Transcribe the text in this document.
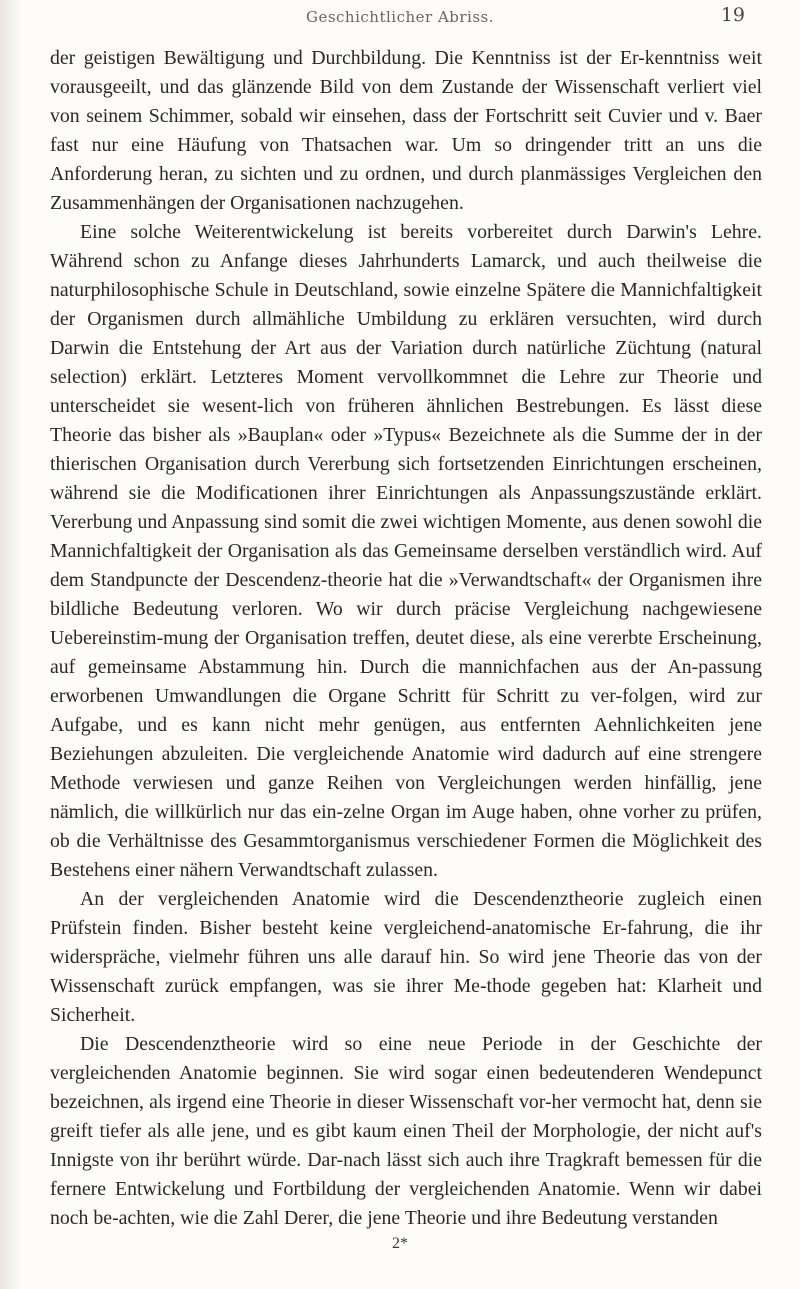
Geschichtlicher Abriss.	19

der geistigen Bewältigung und Durchbildung. Die Kenntniss ist der Er-kenntniss weit vorausgeeilt, und das glänzende Bild von dem Zustande der Wissenschaft verliert viel von seinem Schimmer, sobald wir einsehen, dass der Fortschritt seit Cuvier und v. Baer fast nur eine Häufung von Thatsachen war. Um so dringender tritt an uns die Anforderung heran, zu sichten und zu ordnen, und durch planmässiges Vergleichen den Zusammenhängen der Organisationen nachzugehen.

Eine solche Weiterentwickelung ist bereits vorbereitet durch Darwin's Lehre. Während schon zu Anfange dieses Jahrhunderts Lamarck, und auch theilweise die naturphilosophische Schule in Deutschland, sowie einzelne Spätere die Mannichfaltigkeit der Organismen durch allmähliche Umbildung zu erklären versuchten, wird durch Darwin die Entstehung der Art aus der Variation durch natürliche Züchtung (natural selection) erklärt. Letzteres Moment vervollkommnet die Lehre zur Theorie und unterscheidet sie wesent-lich von früheren ähnlichen Bestrebungen. Es lässt diese Theorie das bisher als »Bauplan« oder »Typus« Bezeichnete als die Summe der in der thierischen Organisation durch Vererbung sich fortsetzenden Einrichtungen erscheinen, während sie die Modificationen ihrer Einrichtungen als Anpassungszustände erklärt. Vererbung und Anpassung sind somit die zwei wichtigen Momente, aus denen sowohl die Mannichfaltigkeit der Organisation als das Gemeinsame derselben verständlich wird. Auf dem Standpuncte der Descendenz-theorie hat die »Verwandtschaft« der Organismen ihre bildliche Bedeutung verloren. Wo wir durch präcise Vergleichung nachgewiesene Uebereinstim-mung der Organisation treffen, deutet diese, als eine vererbte Erscheinung, auf gemeinsame Abstammung hin. Durch die mannichfachen aus der An-passung erworbenen Umwandlungen die Organe Schritt für Schritt zu ver-folgen, wird zur Aufgabe, und es kann nicht mehr genügen, aus entfernten Aehnlichkeiten jene Beziehungen abzuleiten. Die vergleichende Anatomie wird dadurch auf eine strengere Methode verwiesen und ganze Reihen von Vergleichungen werden hinfällig, jene nämlich, die willkürlich nur das ein-zelne Organ im Auge haben, ohne vorher zu prüfen, ob die Verhältnisse des Gesammtorganismus verschiedener Formen die Möglichkeit des Bestehens einer nähern Verwandtschaft zulassen.

An der vergleichenden Anatomie wird die Descendenztheorie zugleich einen Prüfstein finden. Bisher besteht keine vergleichend-anatomische Er-fahrung, die ihr widerspräche, vielmehr führen uns alle darauf hin. So wird jene Theorie das von der Wissenschaft zurück empfangen, was sie ihrer Me-thode gegeben hat: Klarheit und Sicherheit.

Die Descendenztheorie wird so eine neue Periode in der Geschichte der vergleichenden Anatomie beginnen. Sie wird sogar einen bedeutenderen Wendepunct bezeichnen, als irgend eine Theorie in dieser Wissenschaft vor-her vermocht hat, denn sie greift tiefer als alle jene, und es gibt kaum einen Theil der Morphologie, der nicht auf's Innigste von ihr berührt würde. Dar-nach lässt sich auch ihre Tragkraft bemessen für die fernere Entwickelung und Fortbildung der vergleichenden Anatomie. Wenn wir dabei noch be-achten, wie die Zahl Derer, die jene Theorie und ihre Bedeutung verstanden

2*
